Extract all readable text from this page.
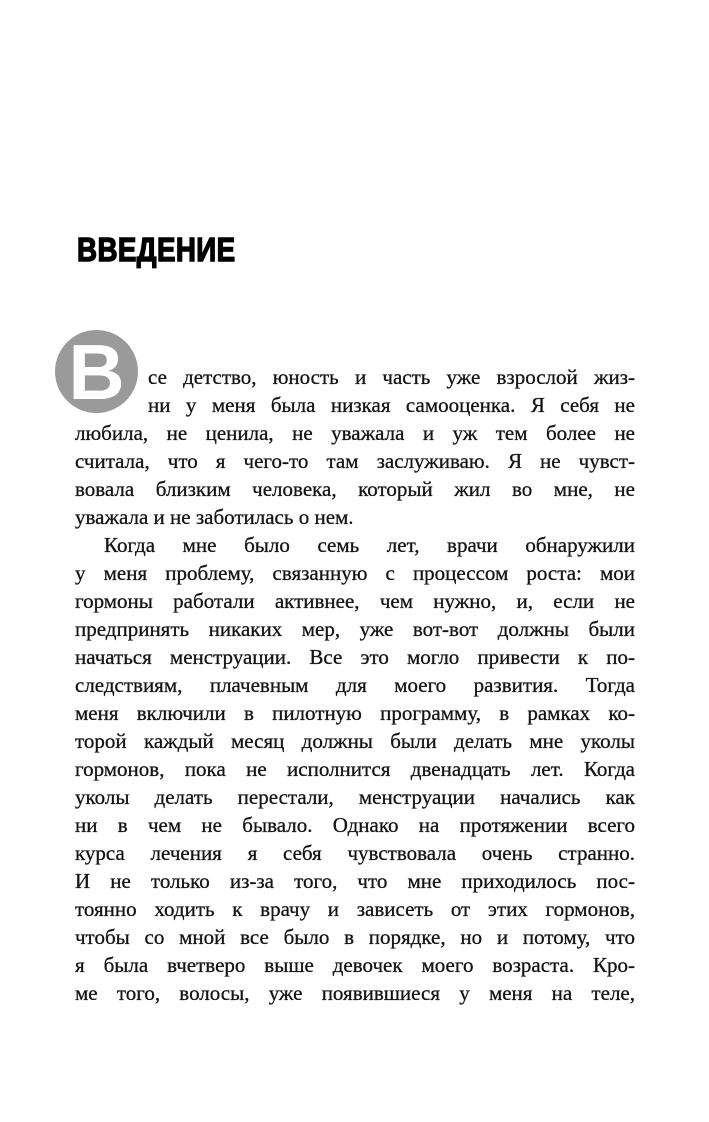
ВВЕДЕНИЕ
В	се детство, юность и часть уже взрослой жиз-
ни у меня была низкая самооценка. Я себя не
любила, не ценила, не уважала и уж тем более не
считала, что я чего-то там заслуживаю. Я не чувст-
вовала близким человека, который жил во мне, не
уважала и не заботилась о нем.
Когда мне было семь лет, врачи обнаружили
у меня проблему, связанную с процессом роста: мои
гормоны работали активнее, чем нужно, и, если не
предпринять никаких мер, уже вот-вот должны были
начаться менструации. Все это могло привести к по-
следствиям, плачевным для моего развития. Тогда
меня включили в пилотную программу, в рамках ко-
торой каждый месяц должны были делать мне уколы
гормонов, пока не исполнится двенадцать лет. Когда
уколы делать перестали, менструации начались как
ни в чем не бывало. Однако на протяжении всего
курса лечения я себя чувствовала очень странно.
И не только из-за того, что мне приходилось пос-
тоянно ходить к врачу и зависеть от этих гормонов,
чтобы со мной все было в порядке, но и потому, что
я была вчетверо выше девочек моего возраста. Кро-
ме того, волосы, уже появившиеся у меня на теле,
